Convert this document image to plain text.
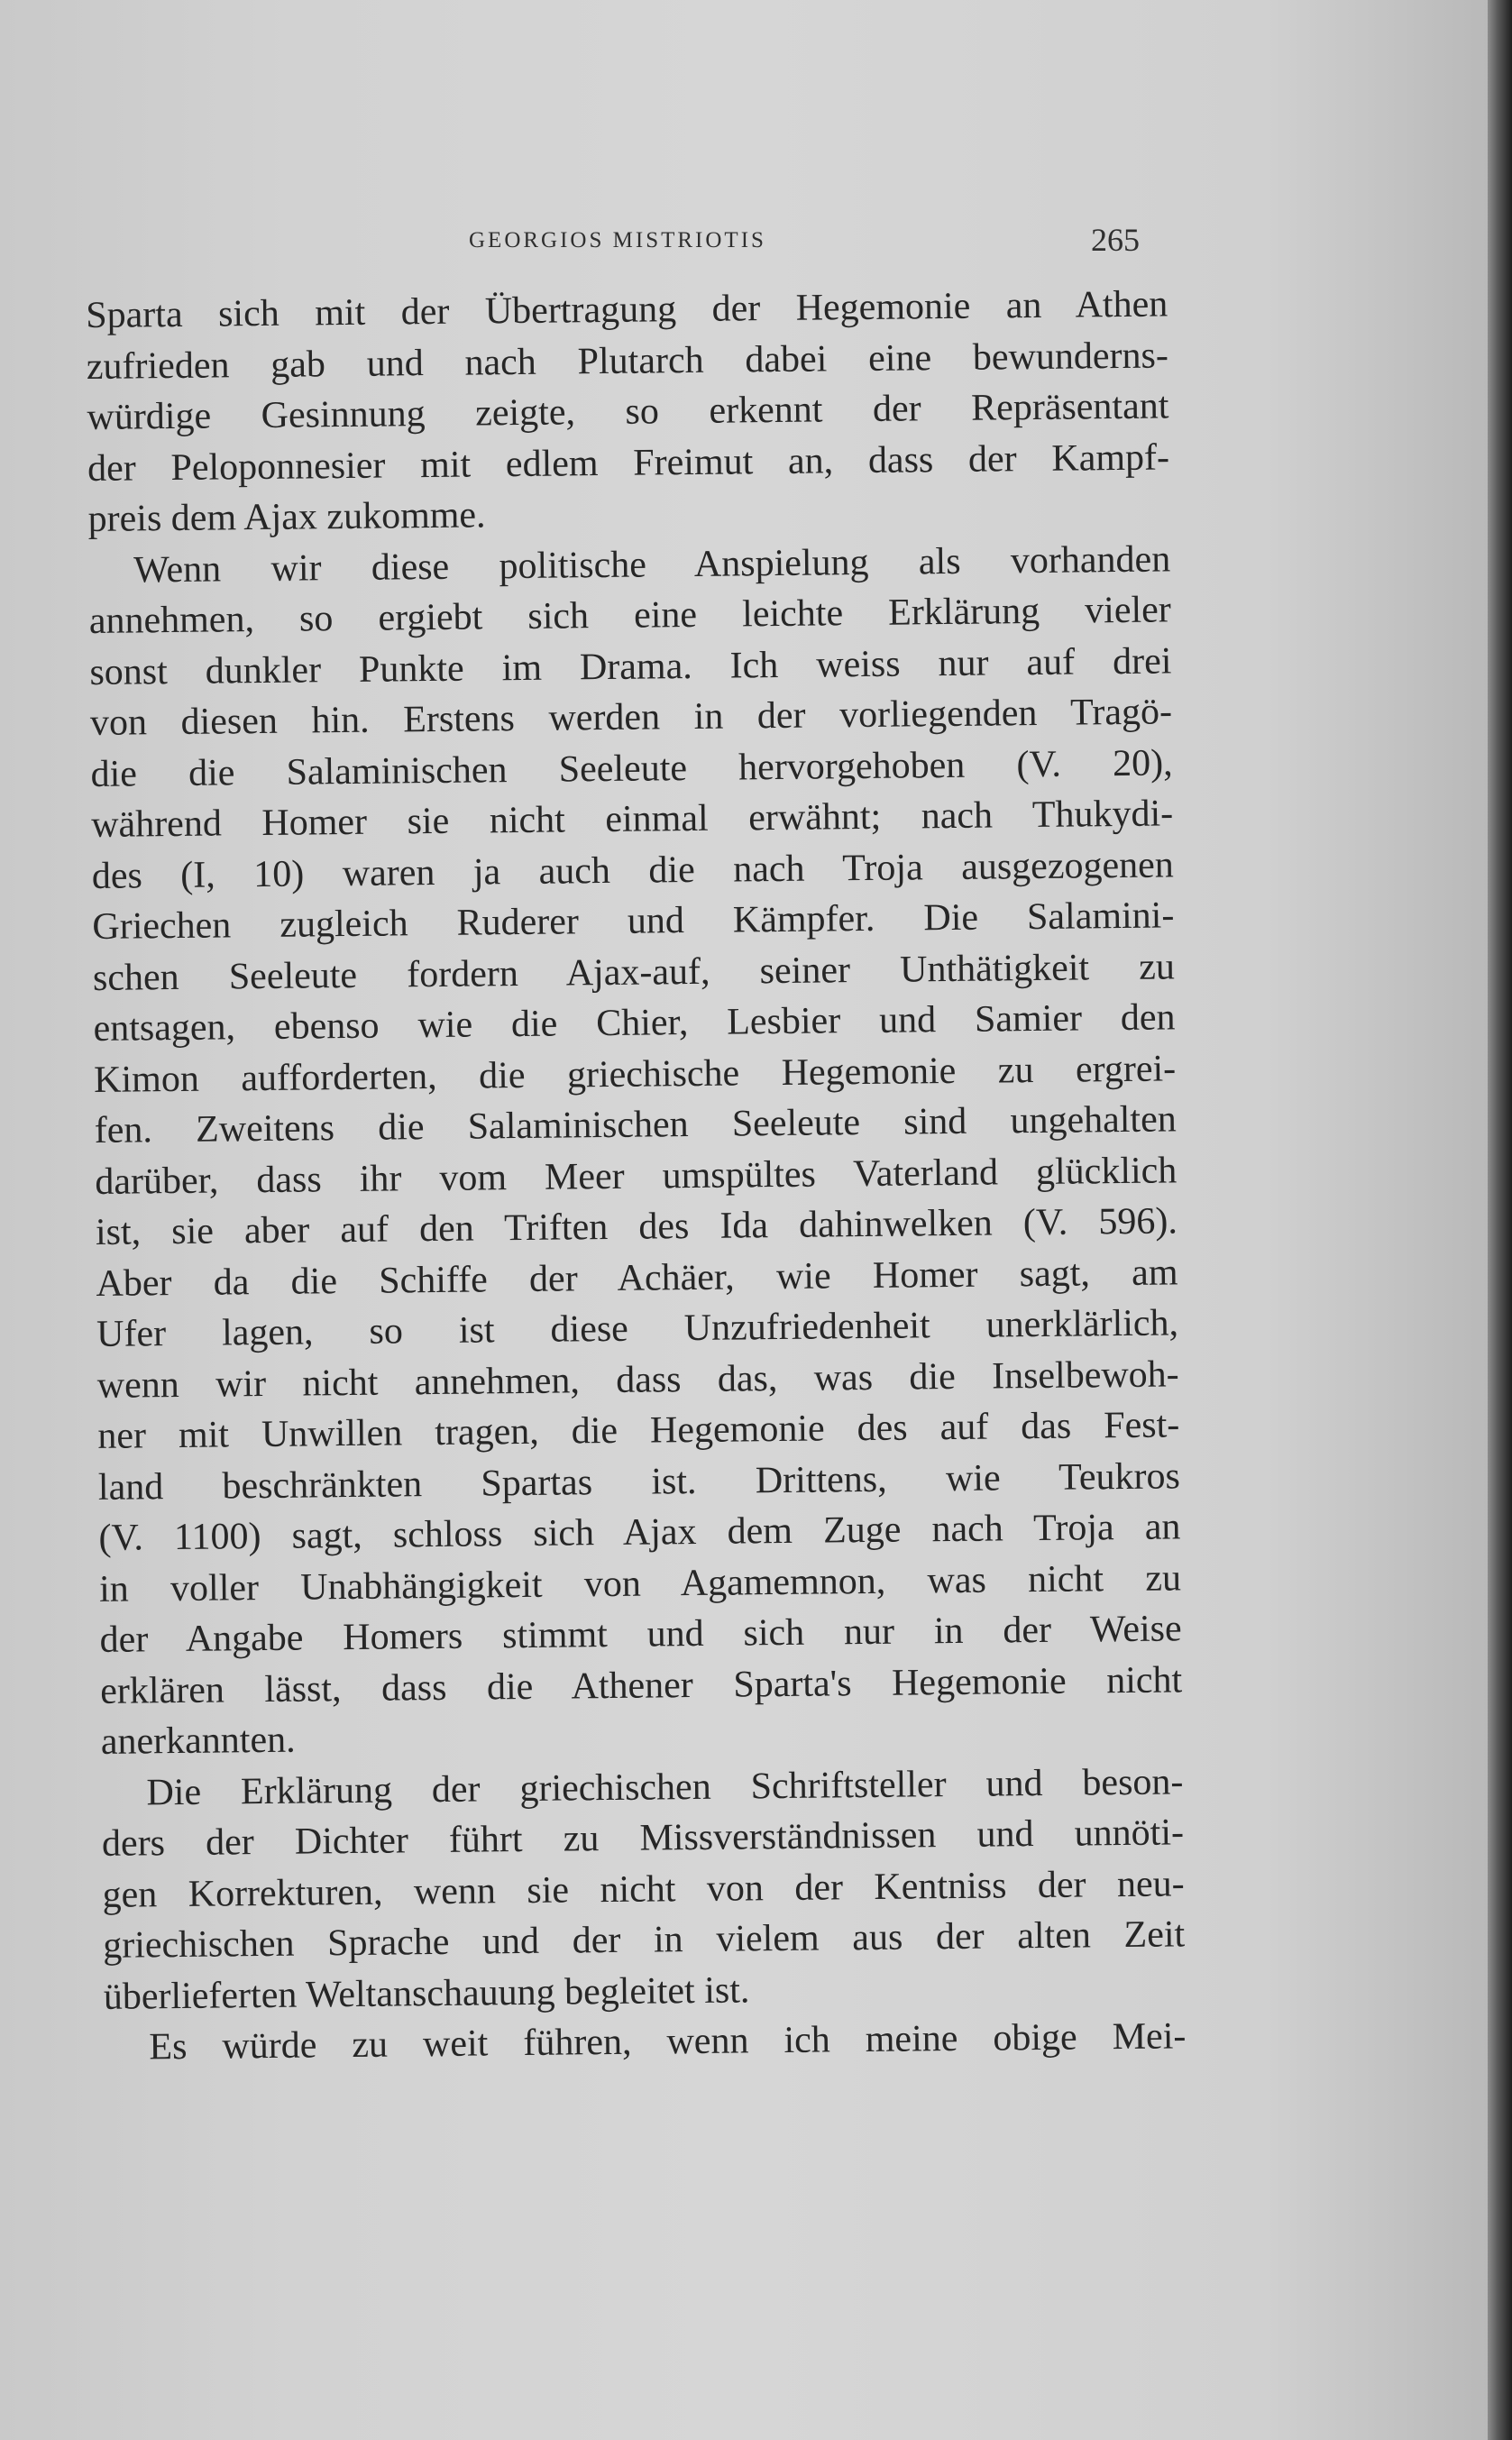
GEORGIOS MISTRIOTIS	265
Sparta sich mit der Übertragung der Hegemonie an Athen
zufrieden gab und nach Plutarch dabei eine bewunderns-
würdige Gesinnung zeigte, so erkennt der Repräsentant
der Peloponnesier mit edlem Freimut an, dass der Kampf-
preis dem Ajax zukomme.
Wenn wir diese politische Anspielung als vorhanden
annehmen, so ergiebt sich eine leichte Erklärung vieler
sonst dunkler Punkte im Drama. Ich weiss nur auf drei
von diesen hin. Erstens werden in der vorliegenden Tragö-
die die Salaminischen Seeleute hervorgehoben (V. 20),
während Homer sie nicht einmal erwähnt; nach Thukydi-
des (I, 10) waren ja auch die nach Troja ausgezogenen
Griechen zugleich Ruderer und Kämpfer. Die Salamini-
schen Seeleute fordern Ajax-auf, seiner Unthätigkeit zu
entsagen, ebenso wie die Chier, Lesbier und Samier den
Kimon aufforderten, die griechische Hegemonie zu ergrei-
fen. Zweitens die Salaminischen Seeleute sind ungehalten
darüber, dass ihr vom Meer umspültes Vaterland glücklich
ist, sie aber auf den Triften des Ida dahinwelken (V. 596).
Aber da die Schiffe der Achäer, wie Homer sagt, am
Ufer lagen, so ist diese Unzufriedenheit unerklärlich,
wenn wir nicht annehmen, dass das, was die Inselbewoh-
ner mit Unwillen tragen, die Hegemonie des auf das Fest-
land beschränkten Spartas ist. Drittens, wie Teukros
(V. 1100) sagt, schloss sich Ajax dem Zuge nach Troja an
in voller Unabhängigkeit von Agamemnon, was nicht zu
der Angabe Homers stimmt und sich nur in der Weise
erklären lässt, dass die Athener Sparta's Hegemonie nicht
anerkannten.
Die Erklärung der griechischen Schriftsteller und beson-
ders der Dichter führt zu Missverständnissen und unnöti-
gen Korrekturen, wenn sie nicht von der Kentniss der neu-
griechischen Sprache und der in vielem aus der alten Zeit
überlieferten Weltanschauung begleitet ist.
Es würde zu weit führen, wenn ich meine obige Mei-
